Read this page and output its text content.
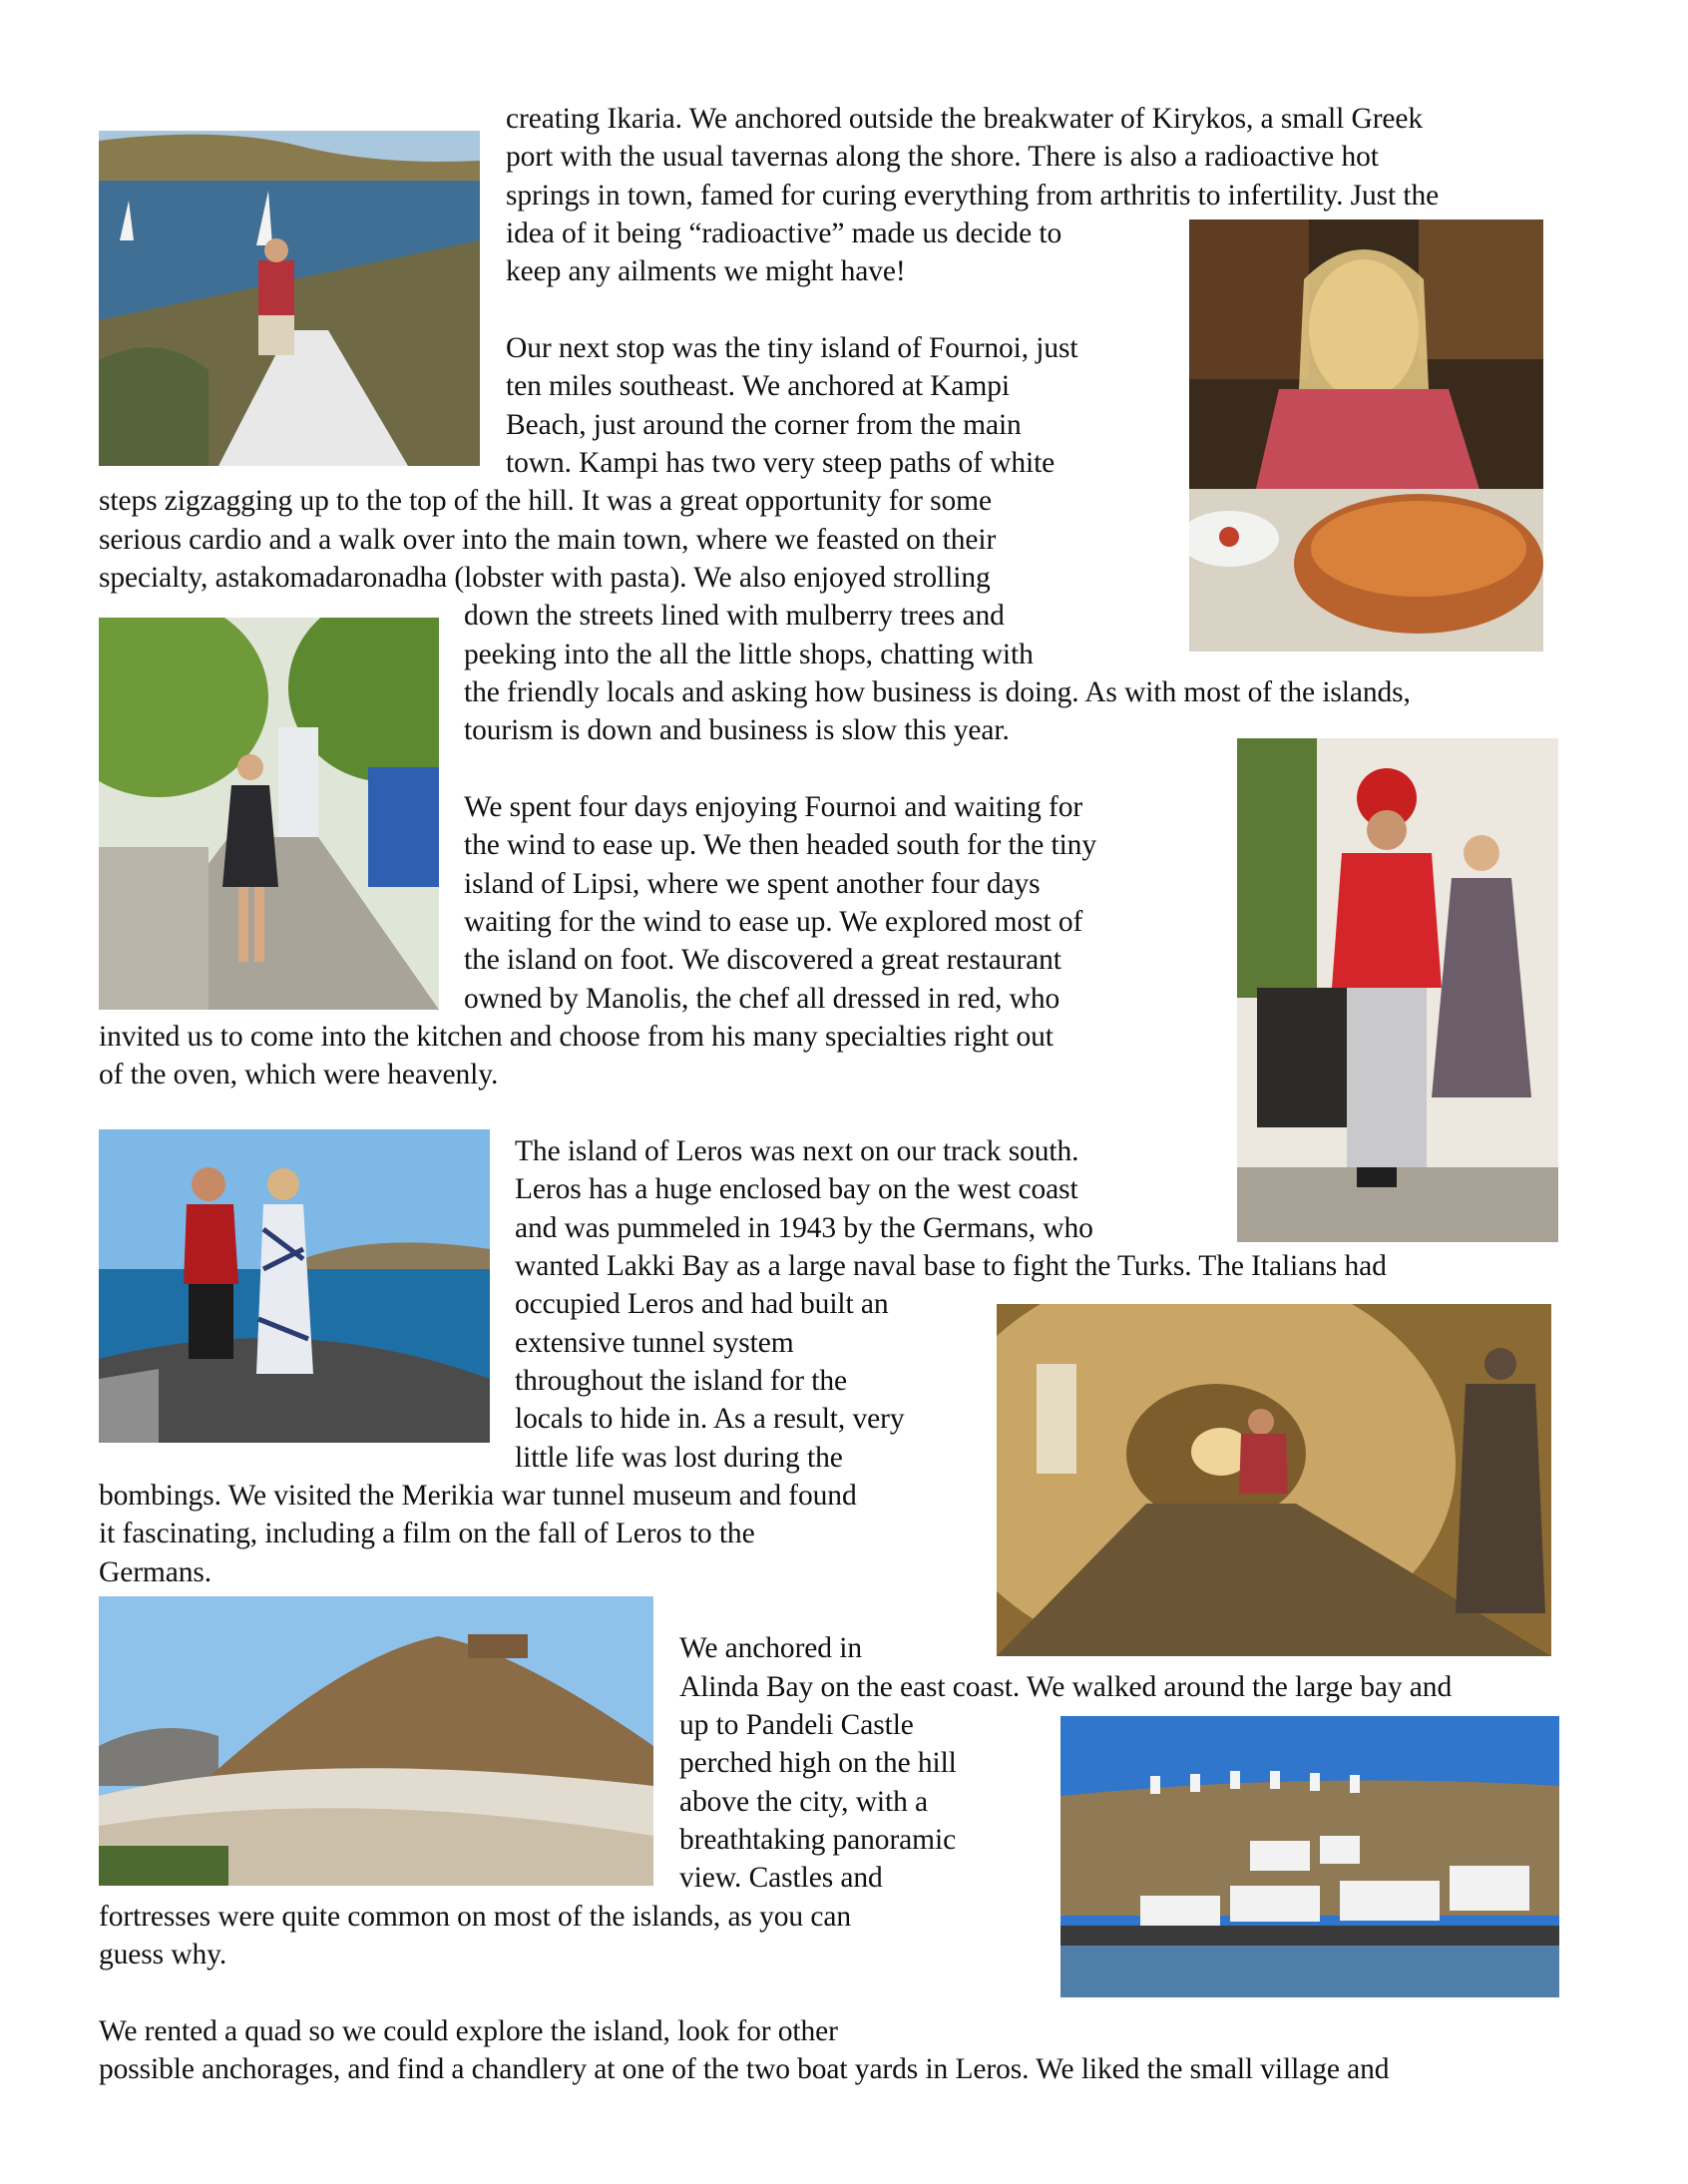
creating Ikaria. We anchored outside the breakwater of Kirykos, a small Greek
port with the usual tavernas along the shore. There is also a radioactive hot
springs in town, famed for curing everything from arthritis to infertility. Just the
idea of it being “radioactive” made us decide to
keep any ailments we might have!
Our next stop was the tiny island of Fournoi, just
ten miles southeast. We anchored at Kampi
Beach, just around the corner from the main
town. Kampi has two very steep paths of white
steps zigzagging up to the top of the hill. It was a great opportunity for some
serious cardio and a walk over into the main town, where we feasted on their
specialty, astakomadaronadha (lobster with pasta). We also enjoyed strolling
down the streets lined with mulberry trees and
peeking into the all the little shops, chatting with
the friendly locals and asking how business is doing. As with most of the islands,
tourism is down and business is slow this year.
We spent four days enjoying Fournoi and waiting for
the wind to ease up. We then headed south for the tiny
island of Lipsi, where we spent another four days
waiting for the wind to ease up. We explored most of
the island on foot. We discovered a great restaurant
owned by Manolis, the chef all dressed in red, who
invited us to come into the kitchen and choose from his many specialties right out
of the oven, which were heavenly.
The island of Leros was next on our track south.
Leros has a huge enclosed bay on the west coast
and was pummeled in 1943 by the Germans, who
wanted Lakki Bay as a large naval base to fight the Turks. The Italians had
occupied Leros and had built an
extensive tunnel system
throughout the island for the
locals to hide in. As a result, very
little life was lost during the
bombings. We visited the Merikia war tunnel museum and found
it fascinating, including a film on the fall of Leros to the
Germans.
We anchored in
Alinda Bay on the east coast. We walked around the large bay and
up to Pandeli Castle
perched high on the hill
above the city, with a
breathtaking panoramic
view. Castles and
fortresses were quite common on most of the islands, as you can
guess why.
We rented a quad so we could explore the island, look for other
possible anchorages, and find a chandlery at one of the two boat yards in Leros. We liked the small village and
